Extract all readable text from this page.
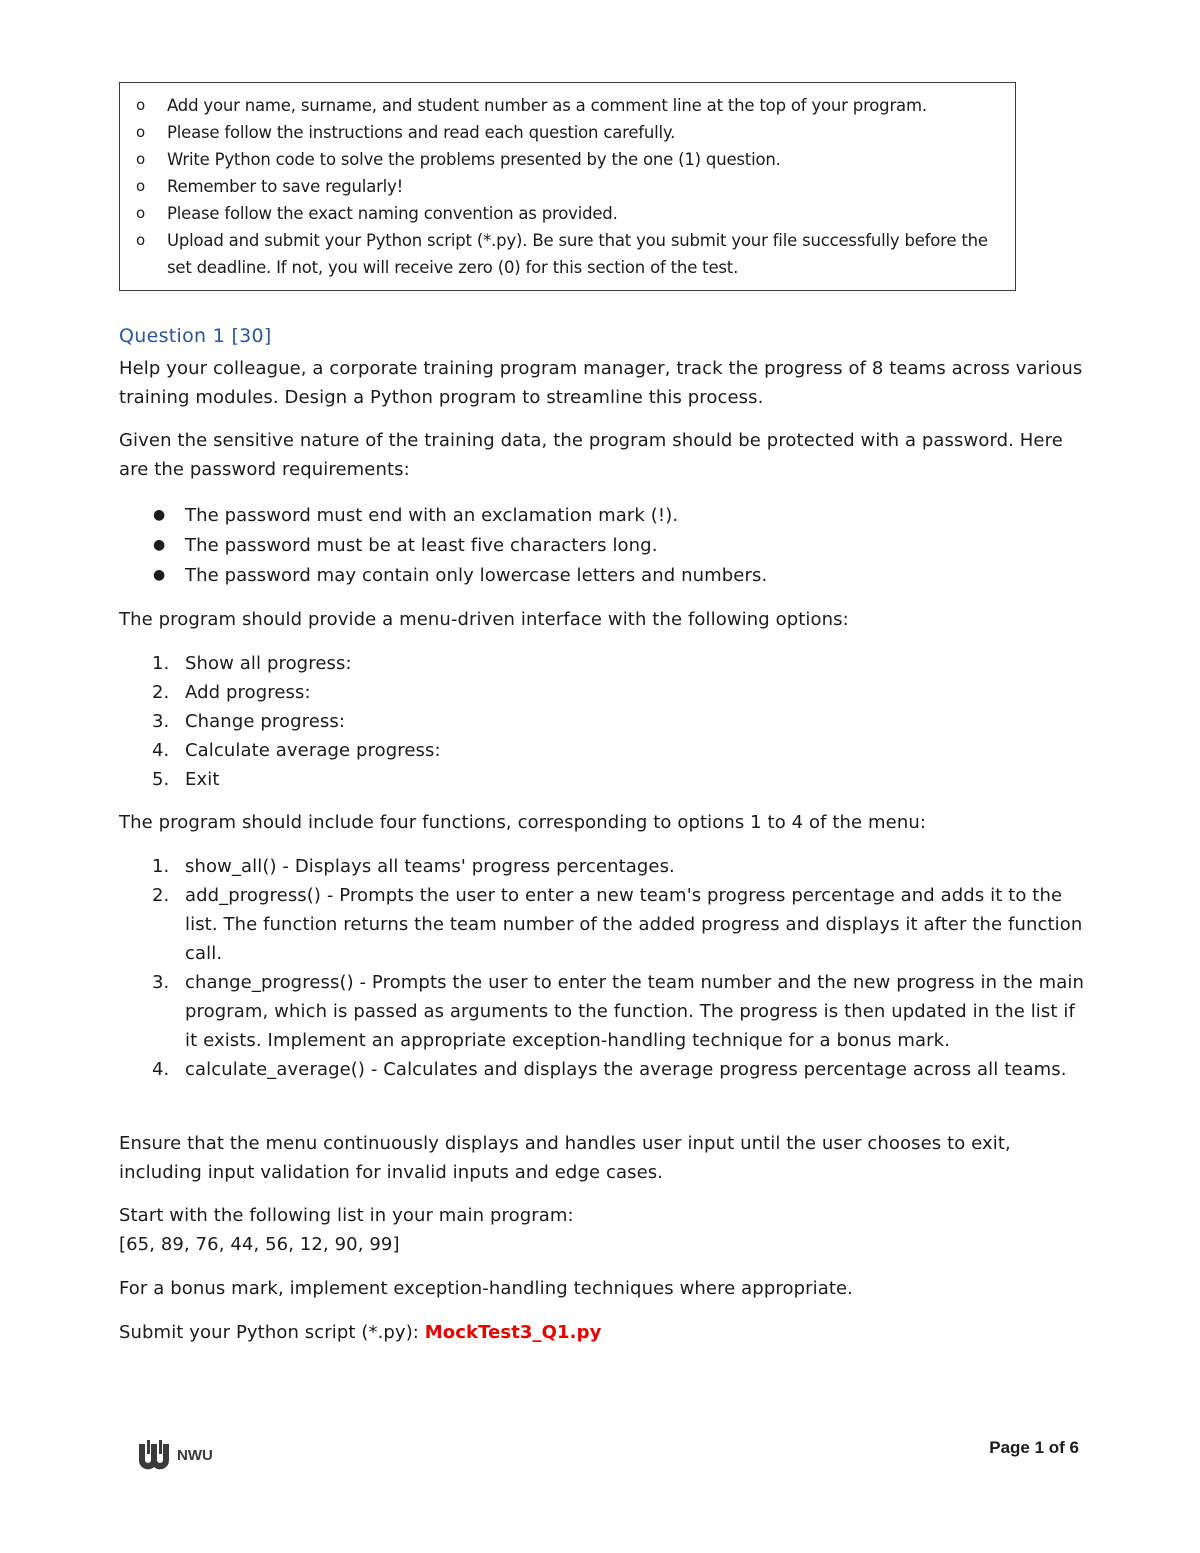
o Add your name, surname, and student number as a comment line at the top of your program.
o Please follow the instructions and read each question carefully.
o Write Python code to solve the problems presented by the one (1) question.
o Remember to save regularly!
o Please follow the exact naming convention as provided.
o Upload and submit your Python script (*.py). Be sure that you submit your file successfully before the set deadline. If not, you will receive zero (0) for this section of the test.
Question 1 [30]
Help your colleague, a corporate training program manager, track the progress of 8 teams across various training modules. Design a Python program to streamline this process.
Given the sensitive nature of the training data, the program should be protected with a password. Here are the password requirements:
● The password must end with an exclamation mark (!).
● The password must be at least five characters long.
● The password may contain only lowercase letters and numbers.
The program should provide a menu-driven interface with the following options:
1. Show all progress:
2. Add progress:
3. Change progress:
4. Calculate average progress:
5. Exit
The program should include four functions, corresponding to options 1 to 4 of the menu:
1. show_all() - Displays all teams' progress percentages.
2. add_progress() - Prompts the user to enter a new team's progress percentage and adds it to the list. The function returns the team number of the added progress and displays it after the function call.
3. change_progress() - Prompts the user to enter the team number and the new progress in the main program, which is passed as arguments to the function. The progress is then updated in the list if it exists. Implement an appropriate exception-handling technique for a bonus mark.
4. calculate_average() - Calculates and displays the average progress percentage across all teams.
Ensure that the menu continuously displays and handles user input until the user chooses to exit, including input validation for invalid inputs and edge cases.
Start with the following list in your main program:
[65, 89, 76, 44, 56, 12, 90, 99]
For a bonus mark, implement exception-handling techniques where appropriate.
Submit your Python script (*.py): MockTest3_Q1.py
NWU	Page 1 of 6
